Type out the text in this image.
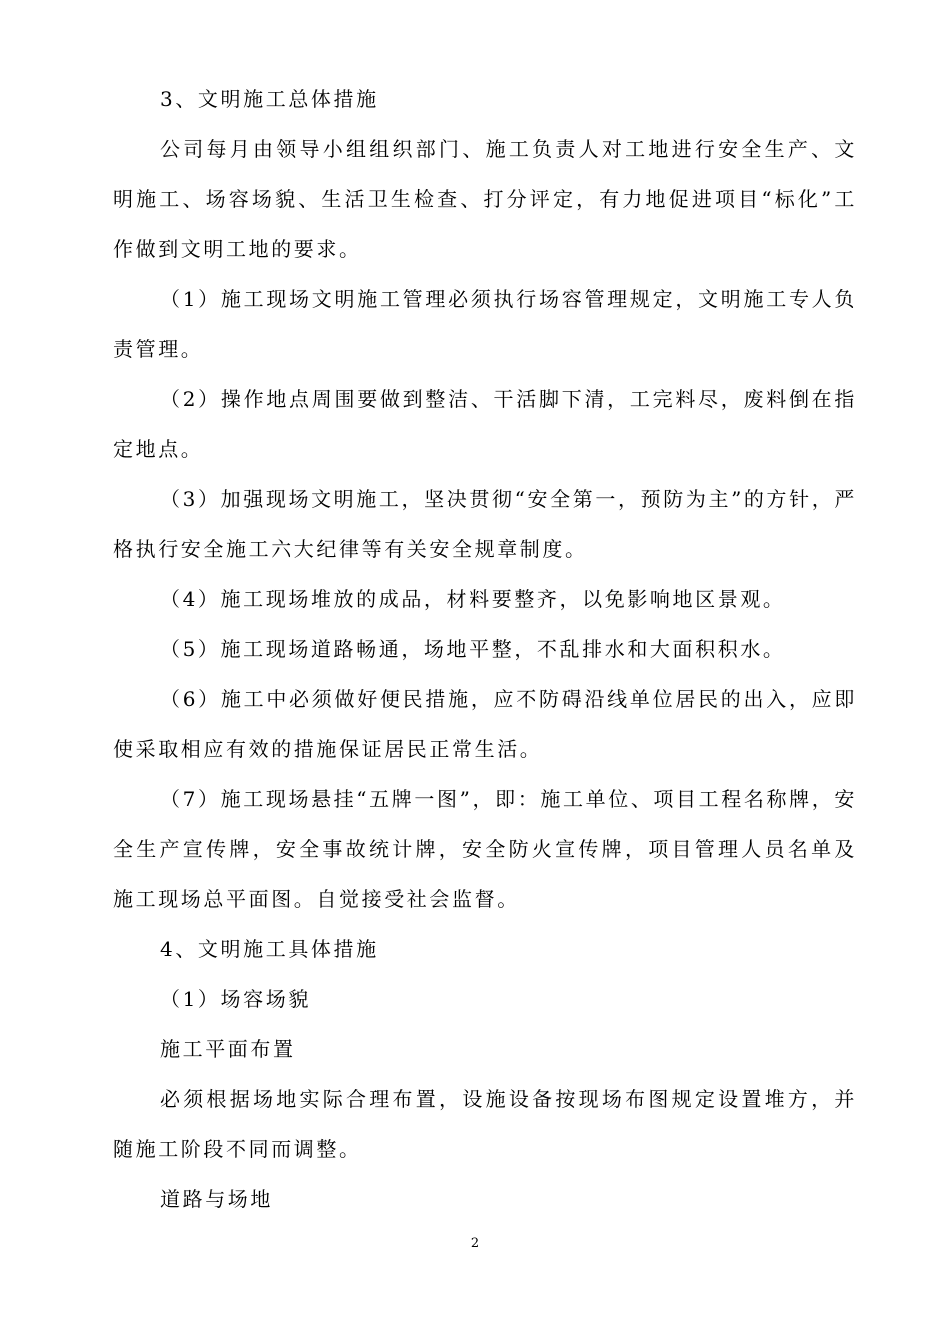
3、文明施工总体措施

公司每月由领导小组组织部门、施工负责人对工地进行安全生产、文明施工、场容场貌、生活卫生检查、打分评定，有力地促进项目“标化”工作做到文明工地的要求。

（1）施工现场文明施工管理必须执行场容管理规定，文明施工专人负责管理。

（2）操作地点周围要做到整洁、干活脚下清，工完料尽，废料倒在指定地点。

（3）加强现场文明施工，坚决贯彻“安全第一，预防为主”的方针，严格执行安全施工六大纪律等有关安全规章制度。

（4）施工现场堆放的成品，材料要整齐，以免影响地区景观。

（5）施工现场道路畅通，场地平整，不乱排水和大面积积水。

（6）施工中必须做好便民措施，应不防碍沿线单位居民的出入，应即使采取相应有效的措施保证居民正常生活。

（7）施工现场悬挂“五牌一图”，即：施工单位、项目工程名称牌，安全生产宣传牌，安全事故统计牌，安全防火宣传牌，项目管理人员名单及施工现场总平面图。自觉接受社会监督。

4、文明施工具体措施

（1）场容场貌

施工平面布置

必须根据场地实际合理布置，设施设备按现场布图规定设置堆方，并随施工阶段不同而调整。

道路与场地

2
